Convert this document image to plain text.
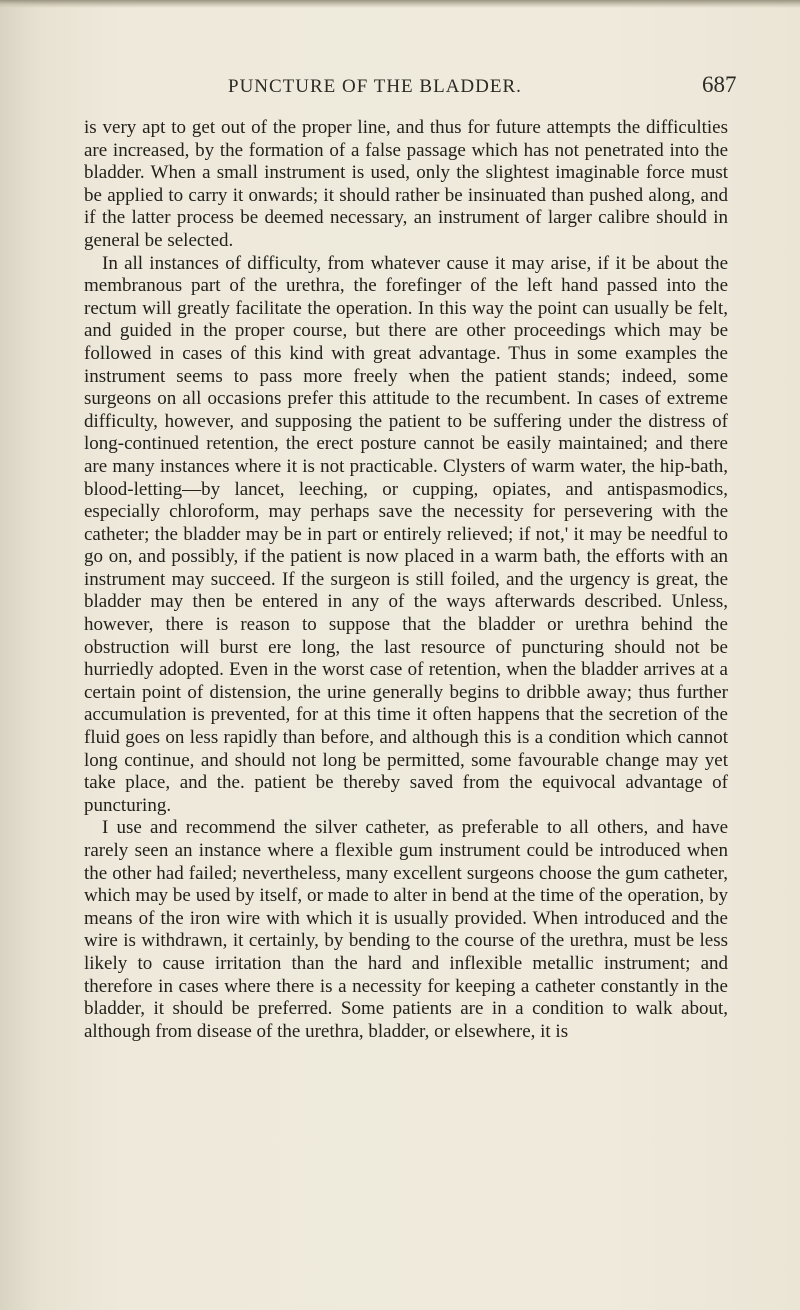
PUNCTURE OF THE BLADDER.	687

is very apt to get out of the proper line, and thus for future attempts the difficulties are increased, by the formation of a false passage which has not penetrated into the bladder. When a small instrument is used, only the slightest imaginable force must be applied to carry it onwards; it should rather be insinuated than pushed along, and if the latter process be deemed necessary, an instrument of larger calibre should in general be selected.

In all instances of difficulty, from whatever cause it may arise, if it be about the membranous part of the urethra, the forefinger of the left hand passed into the rectum will greatly facilitate the operation. In this way the point can usually be felt, and guided in the proper course, but there are other proceedings which may be followed in cases of this kind with great advantage. Thus in some examples the instrument seems to pass more freely when the patient stands; indeed, some surgeons on all occasions prefer this attitude to the recumbent. In cases of extreme difficulty, however, and supposing the patient to be suffering under the distress of long-continued retention, the erect posture cannot be easily maintained; and there are many instances where it is not practicable. Clysters of warm water, the hip-bath, blood-letting—by lancet, leeching, or cupping, opiates, and antispasmodics, especially chloroform, may perhaps save the necessity for persevering with the catheter; the bladder may be in part or entirely relieved; if not,' it may be needful to go on, and possibly, if the patient is now placed in a warm bath, the efforts with an instrument may succeed. If the surgeon is still foiled, and the urgency is great, the bladder may then be entered in any of the ways afterwards described. Unless, however, there is reason to suppose that the bladder or urethra behind the obstruction will burst ere long, the last resource of puncturing should not be hurriedly adopted. Even in the worst case of retention, when the bladder arrives at a certain point of distension, the urine generally begins to dribble away; thus further accumulation is prevented, for at this time it often happens that the secretion of the fluid goes on less rapidly than before, and although this is a condition which cannot long continue, and should not long be permitted, some favourable change may yet take place, and the. patient be thereby saved from the equivocal advantage of puncturing.

I use and recommend the silver catheter, as preferable to all others, and have rarely seen an instance where a flexible gum instrument could be introduced when the other had failed; nevertheless, many excellent surgeons choose the gum catheter, which may be used by itself, or made to alter in bend at the time of the operation, by means of the iron wire with which it is usually provided. When introduced and the wire is withdrawn, it certainly, by bending to the course of the urethra, must be less likely to cause irritation than the hard and inflexible metallic instrument; and therefore in cases where there is a necessity for keeping a catheter constantly in the bladder, it should be preferred. Some patients are in a condition to walk about, although from disease of the urethra, bladder, or elsewhere, it is
